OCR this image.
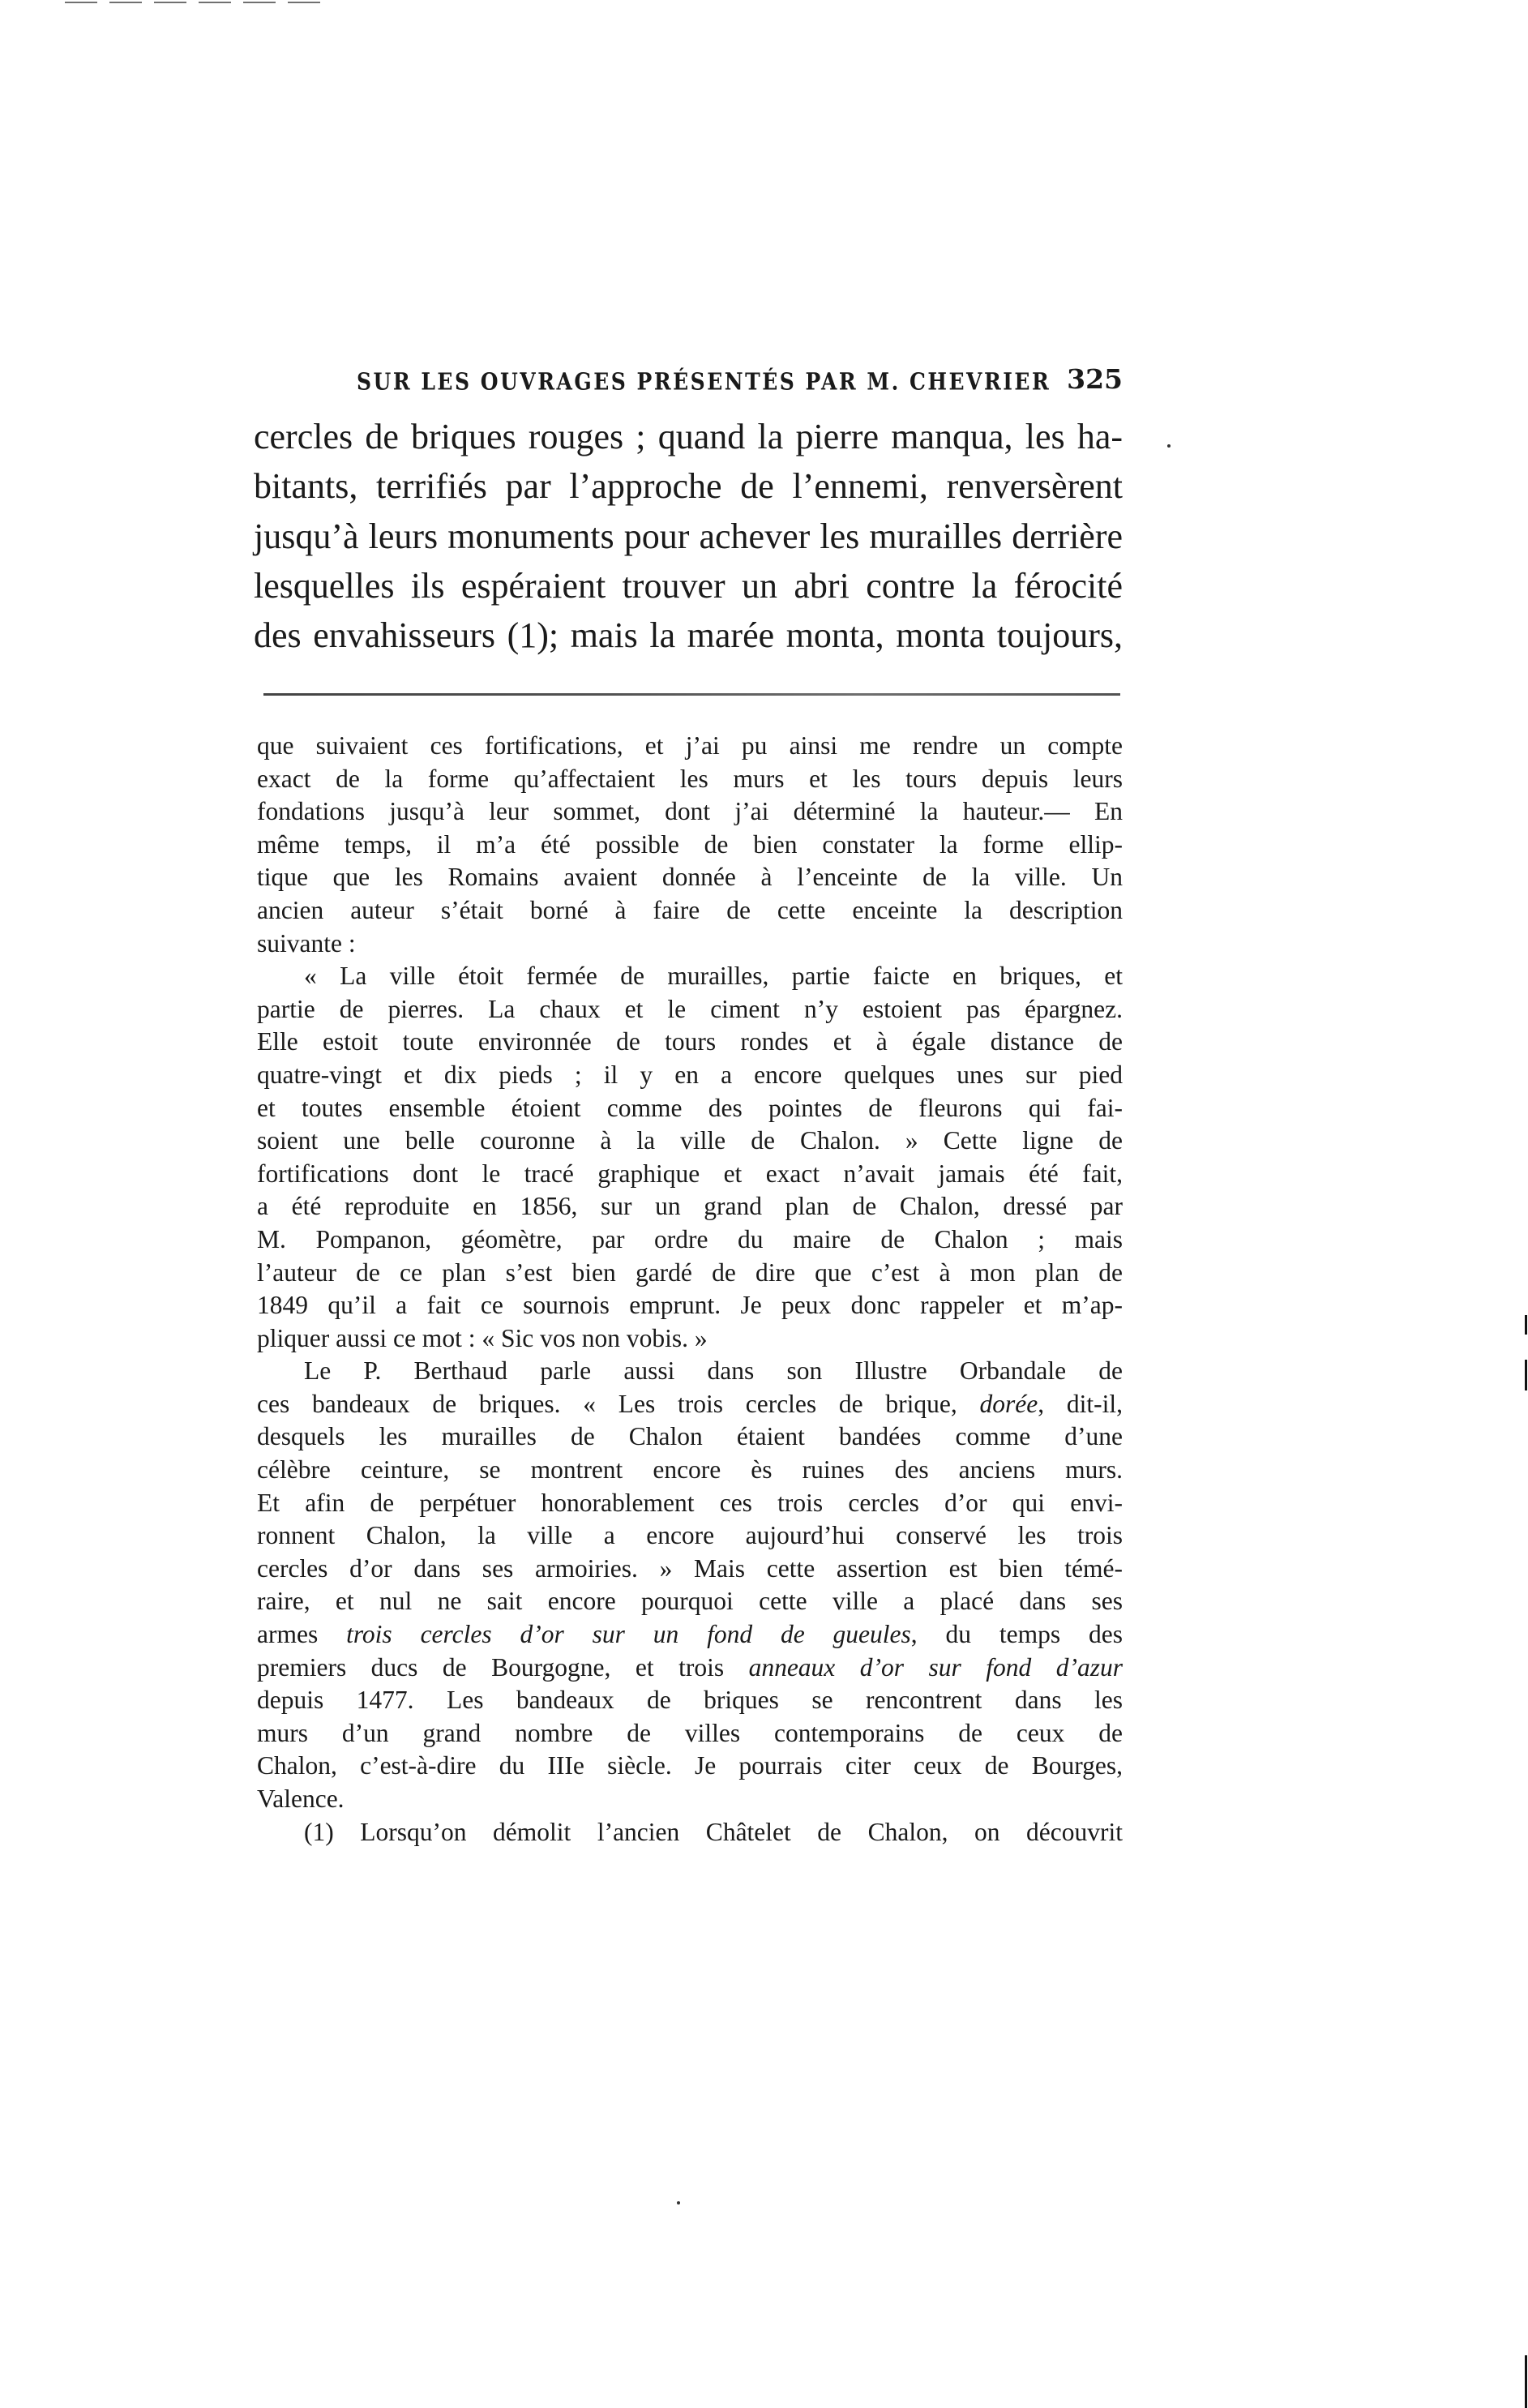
SUR LES OUVRAGES PRÉSENTÉS PAR M. CHEVRIER 325
cercles de briques rouges ; quand la pierre manqua, les ha-
bitants, terrifiés par l’approche de l’ennemi, renversèrent
jusqu’à leurs monuments pour achever les murailles derrière
lesquelles ils espéraient trouver un abri contre la férocité
des envahisseurs (1); mais la marée monta, monta toujours,
que suivaient ces fortifications, et j’ai pu ainsi me rendre un compte
exact de la forme qu’affectaient les murs et les tours depuis leurs
fondations jusqu’à leur sommet, dont j’ai déterminé la hauteur.— En
même temps, il m’a été possible de bien constater la forme ellip-
tique que les Romains avaient donnée à l’enceinte de la ville. Un
ancien auteur s’était borné à faire de cette enceinte la description
suivante :
« La ville étoit fermée de murailles, partie faicte en briques, et
partie de pierres. La chaux et le ciment n’y estoient pas épargnez.
Elle estoit toute environnée de tours rondes et à égale distance de
quatre-vingt et dix pieds ; il y en a encore quelques unes sur pied
et toutes ensemble étoient comme des pointes de fleurons qui fai-
soient une belle couronne à la ville de Chalon. » Cette ligne de
fortifications dont le tracé graphique et exact n’avait jamais été fait,
a été reproduite en 1856, sur un grand plan de Chalon, dressé par
M. Pompanon, géomètre, par ordre du maire de Chalon ; mais
l’auteur de ce plan s’est bien gardé de dire que c’est à mon plan de
1849 qu’il a fait ce sournois emprunt. Je peux donc rappeler et m’ap-
pliquer aussi ce mot : « Sic vos non vobis. »
Le P. Berthaud parle aussi dans son Illustre Orbandale de
ces bandeaux de briques. « Les trois cercles de brique, dorée, dit-il,
desquels les murailles de Chalon étaient bandées comme d’une
célèbre ceinture, se montrent encore ès ruines des anciens murs.
Et afin de perpétuer honorablement ces trois cercles d’or qui envi-
ronnent Chalon, la ville a encore aujourd’hui conservé les trois
cercles d’or dans ses armoiries. » Mais cette assertion est bien témé-
raire, et nul ne sait encore pourquoi cette ville a placé dans ses
armes trois cercles d’or sur un fond de gueules, du temps des
premiers ducs de Bourgogne, et trois anneaux d’or sur fond d’azur
depuis 1477. Les bandeaux de briques se rencontrent dans les
murs d’un grand nombre de villes contemporains de ceux de
Chalon, c’est-à-dire du IIIe siècle. Je pourrais citer ceux de Bourges,
Valence.
(1) Lorsqu’on démolit l’ancien Châtelet de Chalon, on découvrit
